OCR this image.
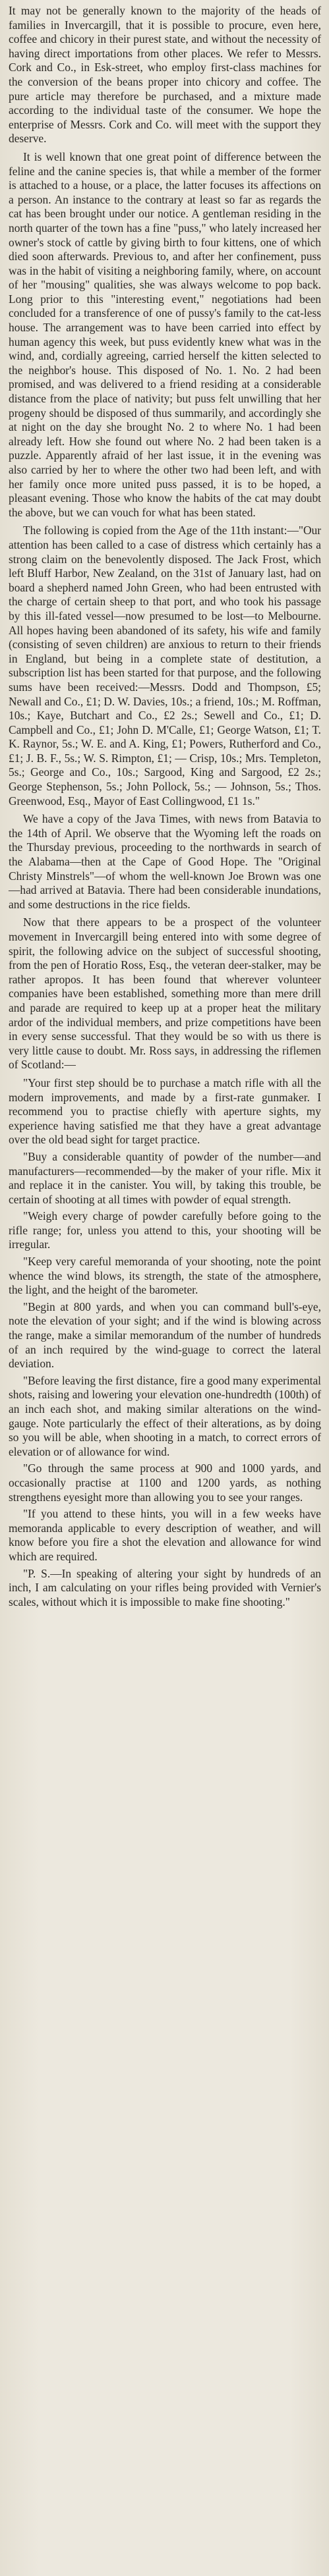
It may not be generally known to the majority of the heads of families in Invercargill, that it is possible to procure, even here, coffee and chicory in their purest state, and without the necessity of having direct importations from other places. We refer to Messrs. Cork and Co., in Esk-street, who employ first-class machines for the conversion of the beans proper into chicory and coffee. The pure article may therefore be purchased, and a mixture made according to the individual taste of the consumer. We hope the enterprise of Messrs. Cork and Co. will meet with the support they deserve.

It is well known that one great point of difference between the feline and the canine species is, that while a member of the former is attached to a house, or a place, the latter focuses its affections on a person. An instance to the contrary at least so far as regards the cat has been brought under our notice. A gentleman residing in the north quarter of the town has a fine "puss," who lately increased her owner's stock of cattle by giving birth to four kittens, one of which died soon afterwards. Previous to, and after her confinement, puss was in the habit of visiting a neighboring family, where, on account of her "mousing" qualities, she was always welcome to pop back. Long prior to this "interesting event," negotiations had been concluded for a transference of one of pussy's family to the cat-less house. The arrangement was to have been carried into effect by human agency this week, but puss evidently knew what was in the wind, and, cordially agreeing, carried herself the kitten selected to the neighbor's house. This disposed of No. 1. No. 2 had been promised, and was delivered to a friend residing at a considerable distance from the place of nativity; but puss felt unwilling that her progeny should be disposed of thus summarily, and accordingly she at night on the day she brought No. 2 to where No. 1 had been already left. How she found out where No. 2 had been taken is a puzzle. Apparently afraid of her last issue, it in the evening was also carried by her to where the other two had been left, and with her family once more united puss passed, it is to be hoped, a pleasant evening. Those who know the habits of the cat may doubt the above, but we can vouch for what has been stated.

The following is copied from the Age of the 11th instant:—"Our attention has been called to a case of distress which certainly has a strong claim on the benevolently disposed. The Jack Frost, which left Bluff Harbor, New Zealand, on the 31st of January last, had on board a shepherd named John Green, who had been entrusted with the charge of certain sheep to that port, and who took his passage by this ill-fated vessel—now presumed to be lost—to Melbourne. All hopes having been abandoned of its safety, his wife and family (consisting of seven children) are anxious to return to their friends in England, but being in a complete state of destitution, a subscription list has been started for that purpose, and the following sums have been received:—Messrs. Dodd and Thompson, £5; Newall and Co., £1; D. W. Davies, 10s.; a friend, 10s.; M. Roffman, 10s.; Kaye, Butchart and Co., £2 2s.; Sewell and Co., £1; D. Campbell and Co., £1; John D. M'Calle, £1; George Watson, £1; T. K. Raynor, 5s.; W. E. and A. King, £1; Powers, Rutherford and Co., £1; J. B. F., 5s.; W. S. Rimpton, £1; — Crisp, 10s.; Mrs. Templeton, 5s.; George and Co., 10s.; Sargood, King and Sargood, £2 2s.; George Stephenson, 5s.; John Pollock, 5s.; — Johnson, 5s.; Thos. Greenwood, Esq., Mayor of East Collingwood, £1 1s."

We have a copy of the Java Times, with news from Batavia to the 14th of April. We observe that the Wyoming left the roads on the Thursday previous, proceeding to the northwards in search of the Alabama—then at the Cape of Good Hope. The "Original Christy Minstrels"—of whom the well-known Joe Brown was one—had arrived at Batavia. There had been considerable inundations, and some destructions in the rice fields.

Now that there appears to be a prospect of the volunteer movement in Invercargill being entered into with some degree of spirit, the following advice on the subject of successful shooting, from the pen of Horatio Ross, Esq., the veteran deer-stalker, may be rather apropos. It has been found that wherever volunteer companies have been established, something more than mere drill and parade are required to keep up at a proper heat the military ardor of the individual members, and prize competitions have been in every sense successful. That they would be so with us there is very little cause to doubt. Mr. Ross says, in addressing the riflemen of Scotland:—

"Your first step should be to purchase a match rifle with all the modern improvements, and made by a first-rate gunmaker. I recommend you to practise chiefly with aperture sights, my experience having satisfied me that they have a great advantage over the old bead sight for target practice.

"Buy a considerable quantity of powder of the number—and manufacturers—recommended—by the maker of your rifle. Mix it and replace it in the canister. You will, by taking this trouble, be certain of shooting at all times with powder of equal strength.

"Weigh every charge of powder carefully before going to the rifle range; for, unless you attend to this, your shooting will be irregular.

"Keep very careful memoranda of your shooting, note the point whence the wind blows, its strength, the state of the atmosphere, the light, and the height of the barometer.

"Begin at 800 yards, and when you can command bull's-eye, note the elevation of your sight; and if the wind is blowing across the range, make a similar memorandum of the number of hundreds of an inch required by the wind-guage to correct the lateral deviation.

"Before leaving the first distance, fire a good many experimental shots, raising and lowering your elevation one-hundredth (100th) of an inch each shot, and making similar alterations on the wind-gauge. Note particularly the effect of their alterations, as by doing so you will be able, when shooting in a match, to correct errors of elevation or of allowance for wind.

"Go through the same process at 900 and 1000 yards, and occasionally practise at 1100 and 1200 yards, as nothing strengthens eyesight more than allowing you to see your ranges.

"If you attend to these hints, you will in a few weeks have memoranda applicable to every description of weather, and will know before you fire a shot the elevation and allowance for wind which are required.

"P. S.—In speaking of altering your sight by hundreds of an inch, I am calculating on your rifles being provided with Vernier's scales, without which it is impossible to make fine shooting."
